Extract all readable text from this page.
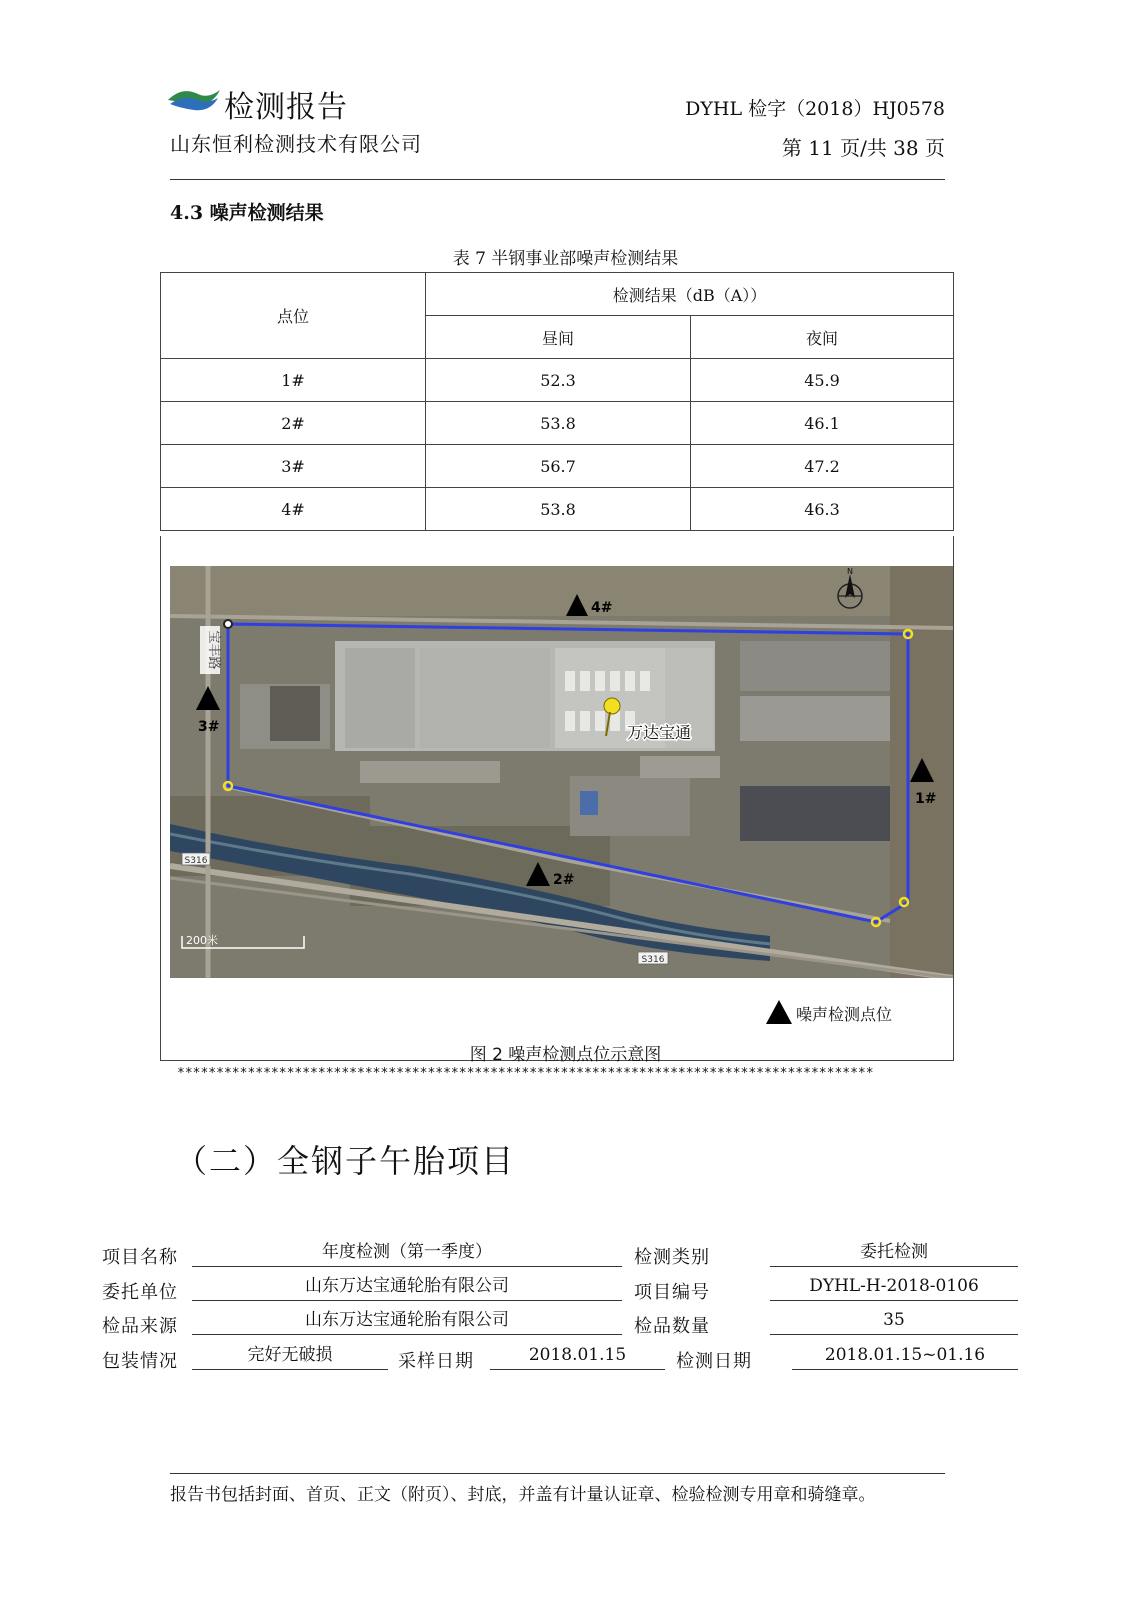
检测报告
山东恒利检测技术有限公司
DYHL 检字（2018）HJ0578
第 11 页/共 38 页
4.3 噪声检测结果
表 7 半钢事业部噪声检测结果
点位	检测结果（dB（A））	
	昼间	夜间
1#	52.3	45.9
2#	53.8	46.1
3#	56.7	47.2
4#	53.8	46.3
宝丰路
S316
S316
万达宝通
4#
3#
1#
2#
N
200米
噪声检测点位
图 2 噪声检测点位示意图
*****************************************************************************************
（二）全钢子午胎项目
项目名称	年度检测（第一季度）	检测类别	委托检测
委托单位	山东万达宝通轮胎有限公司	项目编号	DYHL-H-2018-0106
检品来源	山东万达宝通轮胎有限公司	检品数量	35
包装情况	完好无破损	采样日期	2018.01.15	检测日期	2018.01.15~01.16
报告书包括封面、首页、正文（附页）、封底，并盖有计量认证章、检验检测专用章和骑缝章。
